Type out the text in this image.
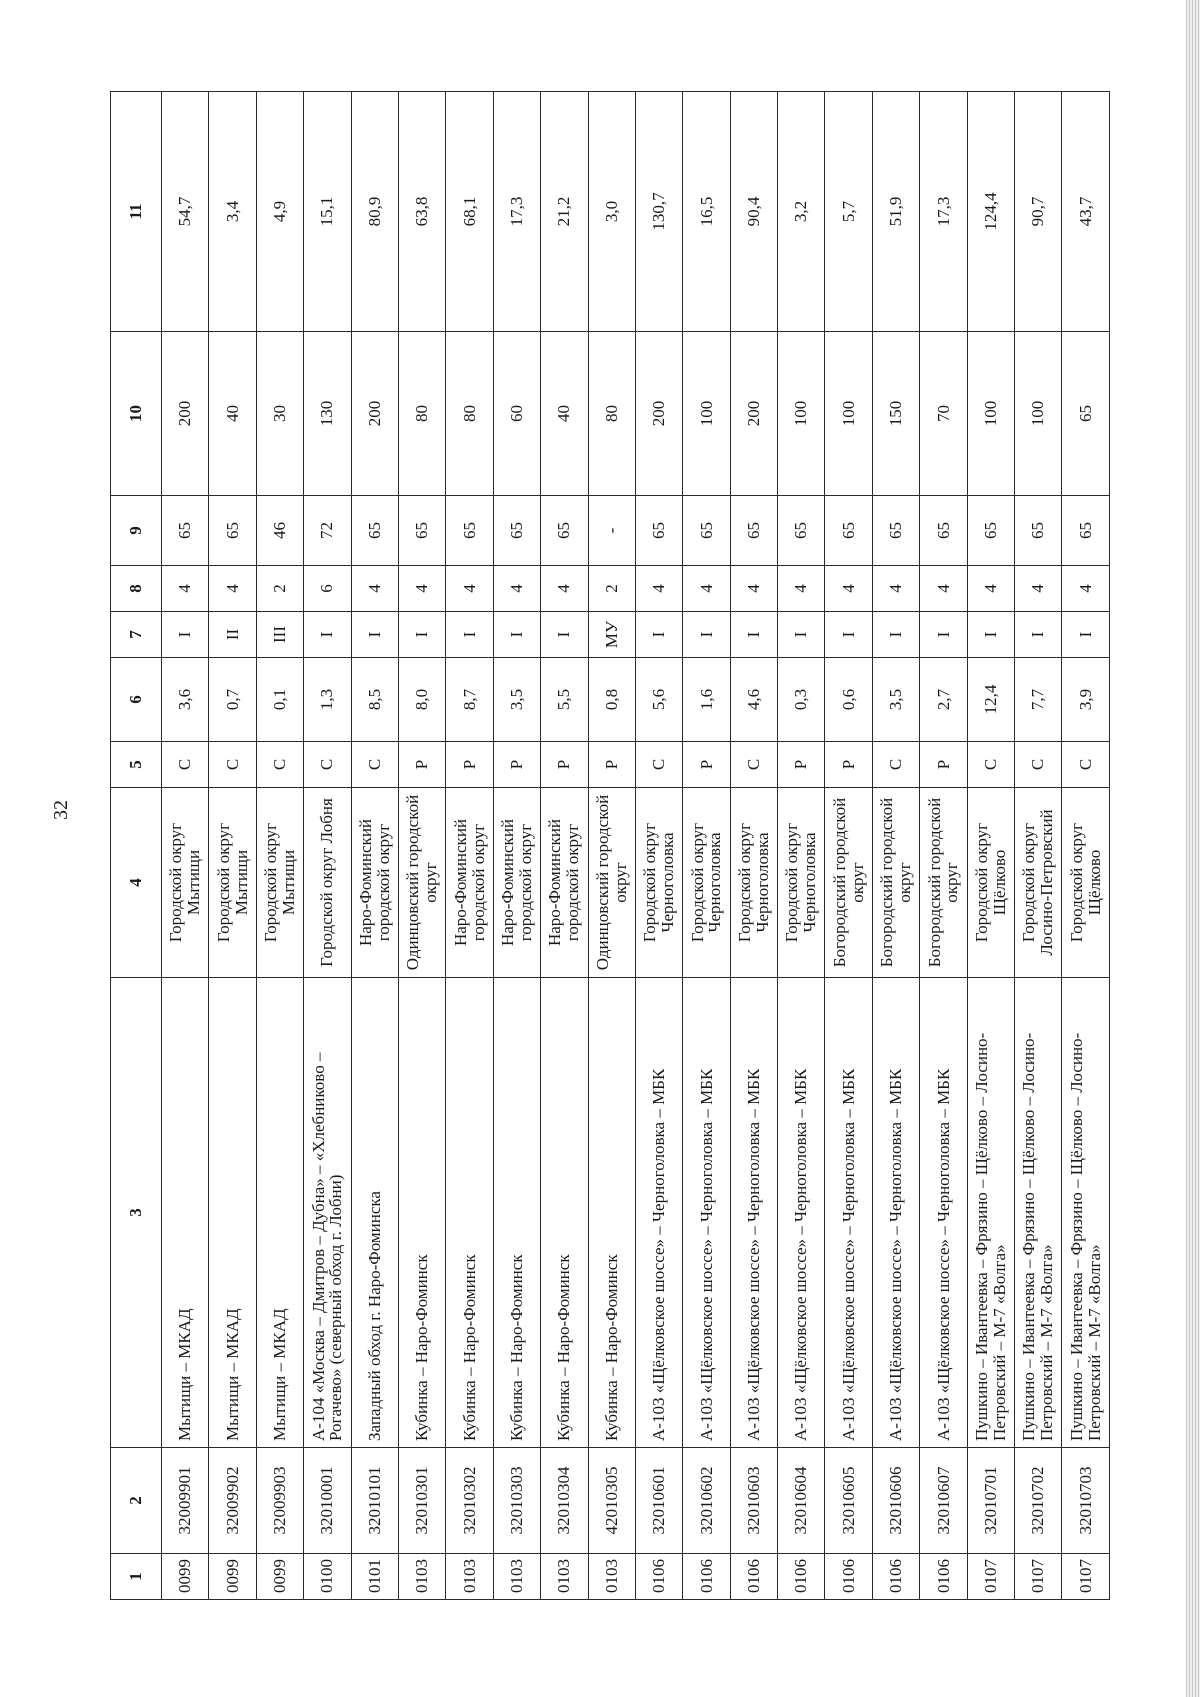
32
1	2	3	4	5	6	7	8	9	10	11
0099	32009901	Мытищи – МКАД	Городской округ Мытищи	С	3,6	I	4	65	200	54,7
0099	32009902	Мытищи – МКАД	Городской округ Мытищи	С	0,7	II	4	65	40	3,4
0099	32009903	Мытищи – МКАД	Городской округ Мытищи	С	0,1	III	2	46	30	4,9
0100	32010001	А-104 «Москва – Дмитров – Дубна» – «Хлебниково – Рогачево» (северный обход г. Лобни)	Городской округ Лобня	С	1,3	I	6	72	130	15,1
0101	32010101	Западный обход г. Наро-Фоминска	Наро-Фоминский городской округ	С	8,5	I	4	65	200	80,9
0103	32010301	Кубинка – Наро-Фоминск	Одинцовский городской округ	Р	8,0	I	4	65	80	63,8
0103	32010302	Кубинка – Наро-Фоминск	Наро-Фоминский городской округ	Р	8,7	I	4	65	80	68,1
0103	32010303	Кубинка – Наро-Фоминск	Наро-Фоминский городской округ	Р	3,5	I	4	65	60	17,3
0103	32010304	Кубинка – Наро-Фоминск	Наро-Фоминский городской округ	Р	5,5	I	4	65	40	21,2
0103	42010305	Кубинка – Наро-Фоминск	Одинцовский городской округ	Р	0,8	МУ	2	-	80	3,0
0106	32010601	А-103 «Щёлковское шоссе» – Черноголовка – МБК	Городской округ Черноголовка	С	5,6	I	4	65	200	130,7
0106	32010602	А-103 «Щёлковское шоссе» – Черноголовка – МБК	Городской округ Черноголовка	Р	1,6	I	4	65	100	16,5
0106	32010603	А-103 «Щёлковское шоссе» – Черноголовка – МБК	Городской округ Черноголовка	С	4,6	I	4	65	200	90,4
0106	32010604	А-103 «Щёлковское шоссе» – Черноголовка – МБК	Городской округ Черноголовка	Р	0,3	I	4	65	100	3,2
0106	32010605	А-103 «Щёлковское шоссе» – Черноголовка – МБК	Богородский городской округ	Р	0,6	I	4	65	100	5,7
0106	32010606	А-103 «Щёлковское шоссе» – Черноголовка – МБК	Богородский городской округ	С	3,5	I	4	65	150	51,9
0106	32010607	А-103 «Щёлковское шоссе» – Черноголовка – МБК	Богородский городской округ	Р	2,7	I	4	65	70	17,3
0107	32010701	Пушкино – Ивантеевка – Фрязино – Щёлково – Лосино-Петровский – М-7 «Волга»	Городской округ Щёлково	С	12,4	I	4	65	100	124,4
0107	32010702	Пушкино – Ивантеевка – Фрязино – Щёлково – Лосино-Петровский – М-7 «Волга»	Городской округ Лосино-Петровский	С	7,7	I	4	65	100	90,7
0107	32010703	Пушкино – Ивантеевка – Фрязино – Щёлково – Лосино-Петровский – М-7 «Волга»	Городской округ Щёлково	С	3,9	I	4	65	65	43,7
